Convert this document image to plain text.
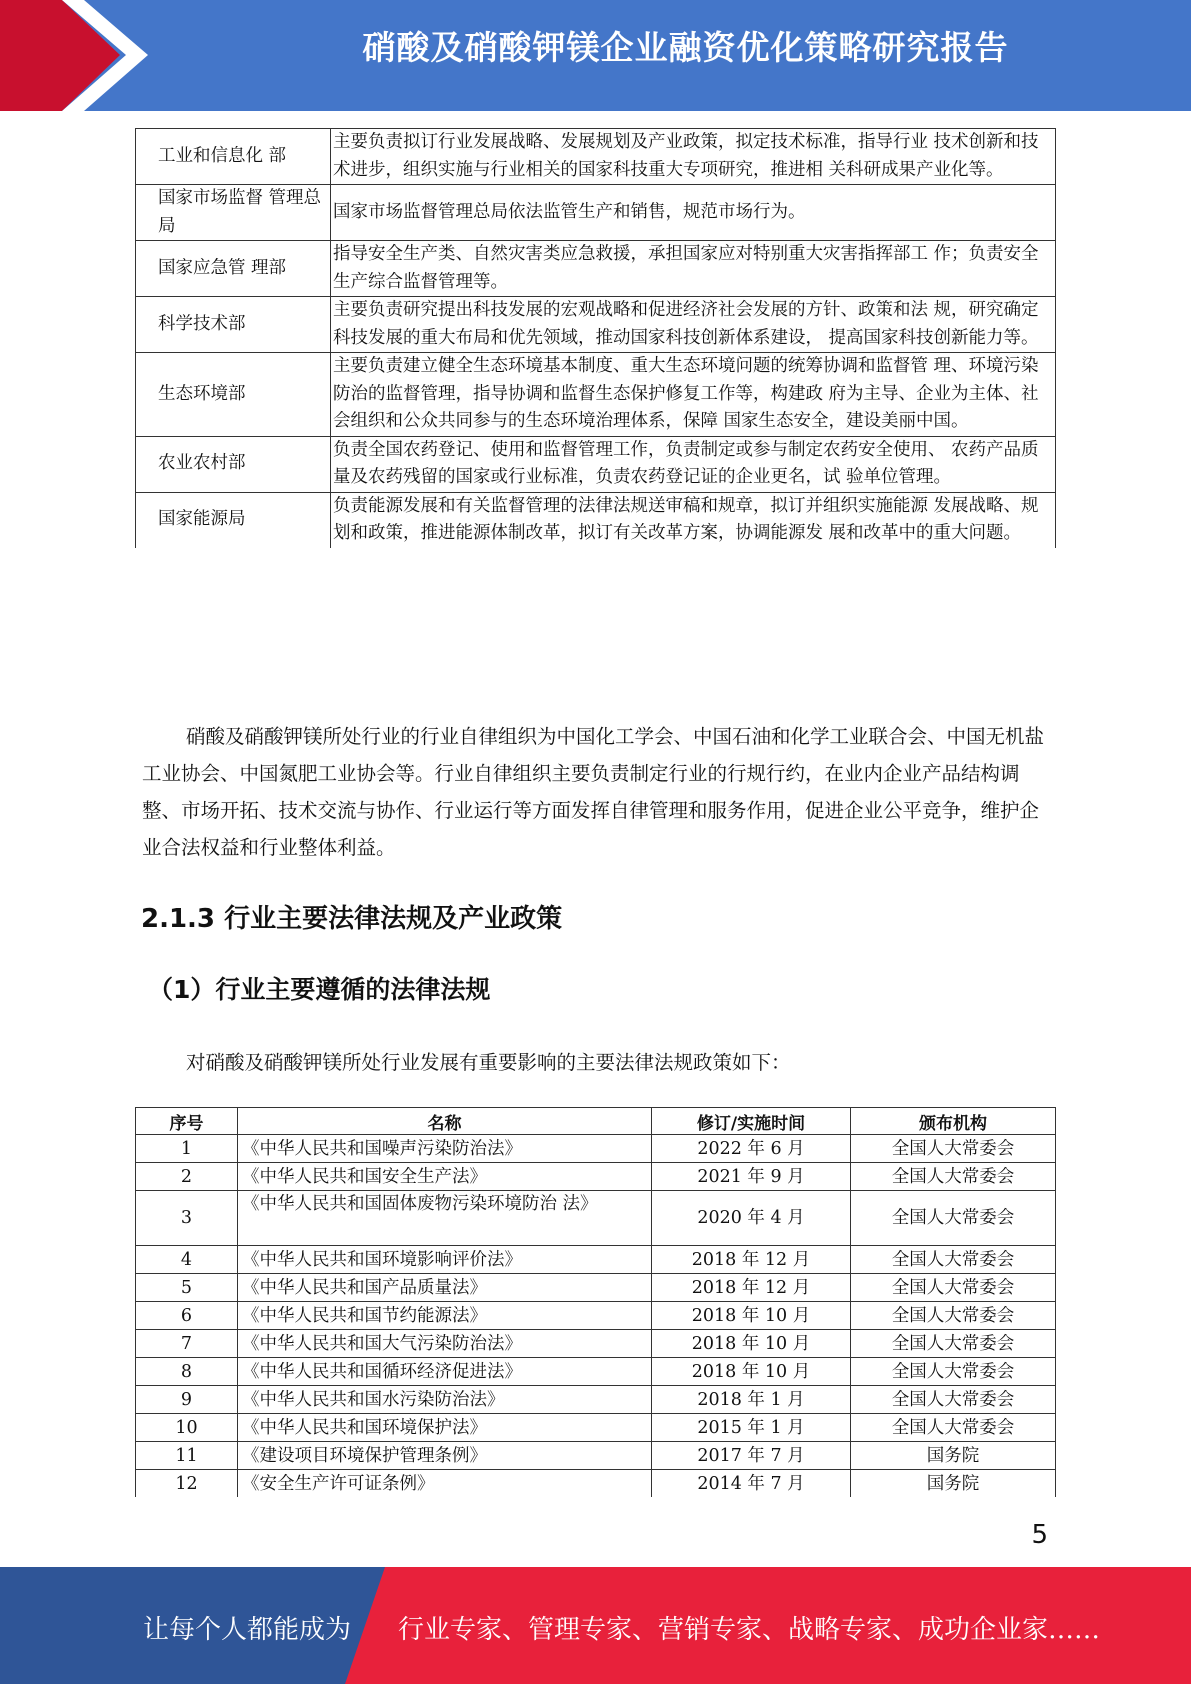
硝酸及硝酸钾镁企业融资优化策略研究报告
工业和信息化 部	主要负责拟订行业发展战略、发展规划及产业政策，拟定技术标准，指导行业 技术创新和技术进步，组织实施与行业相关的国家科技重大专项研究，推进相 关科研成果产业化等。
国家市场监督 管理总局	国家市场监督管理总局依法监管生产和销售，规范市场行为。
国家应急管 理部	指导安全生产类、自然灾害类应急救援，承担国家应对特别重大灾害指挥部工 作；负责安全生产综合监督管理等。
科学技术部	主要负责研究提出科技发展的宏观战略和促进经济社会发展的方针、政策和法 规，研究确定科技发展的重大布局和优先领域，推动国家科技创新体系建设， 提高国家科技创新能力等。
生态环境部	主要负责建立健全生态环境基本制度、重大生态环境问题的统筹协调和监督管 理、环境污染防治的监督管理，指导协调和监督生态保护修复工作等，构建政 府为主导、企业为主体、社会组织和公众共同参与的生态环境治理体系，保障 国家生态安全，建设美丽中国。
农业农村部	负责全国农药登记、使用和监督管理工作，负责制定或参与制定农药安全使用、 农药产品质量及农药残留的国家或行业标准，负责农药登记证的企业更名，试 验单位管理。
国家能源局	负责能源发展和有关监督管理的法律法规送审稿和规章，拟订并组织实施能源 发展战略、规划和政策，推进能源体制改革，拟订有关改革方案，协调能源发 展和改革中的重大问题。
硝酸及硝酸钾镁所处行业的行业自律组织为中国化工学会、中国石油和化学工业联合会、中国无机盐工业协会、中国氮肥工业协会等。行业自律组织主要负责制定行业的行规行约，在业内企业产品结构调整、市场开拓、技术交流与协作、行业运行等方面发挥自律管理和服务作用，促进企业公平竞争，维护企业合法权益和行业整体利益。
2.1.3 行业主要法律法规及产业政策
（1）行业主要遵循的法律法规
对硝酸及硝酸钾镁所处行业发展有重要影响的主要法律法规政策如下：
序号	名称	修订/实施时间	颁布机构
1	《中华人民共和国噪声污染防治法》	2022 年 6 月	全国人大常委会
2	《中华人民共和国安全生产法》	2021 年 9 月	全国人大常委会
3	《中华人民共和国固体废物污染环境防治 法》	2020 年 4 月	全国人大常委会
4	《中华人民共和国环境影响评价法》	2018 年 12 月	全国人大常委会
5	《中华人民共和国产品质量法》	2018 年 12 月	全国人大常委会
6	《中华人民共和国节约能源法》	2018 年 10 月	全国人大常委会
7	《中华人民共和国大气污染防治法》	2018 年 10 月	全国人大常委会
8	《中华人民共和国循环经济促进法》	2018 年 10 月	全国人大常委会
9	《中华人民共和国水污染防治法》	2018 年 1 月	全国人大常委会
10	《中华人民共和国环境保护法》	2015 年 1 月	全国人大常委会
11	《建设项目环境保护管理条例》	2017 年 7 月	国务院
12	《安全生产许可证条例》	2014 年 7 月	国务院
5
让每个人都能成为 行业专家、管理专家、营销专家、战略专家、成功企业家……
